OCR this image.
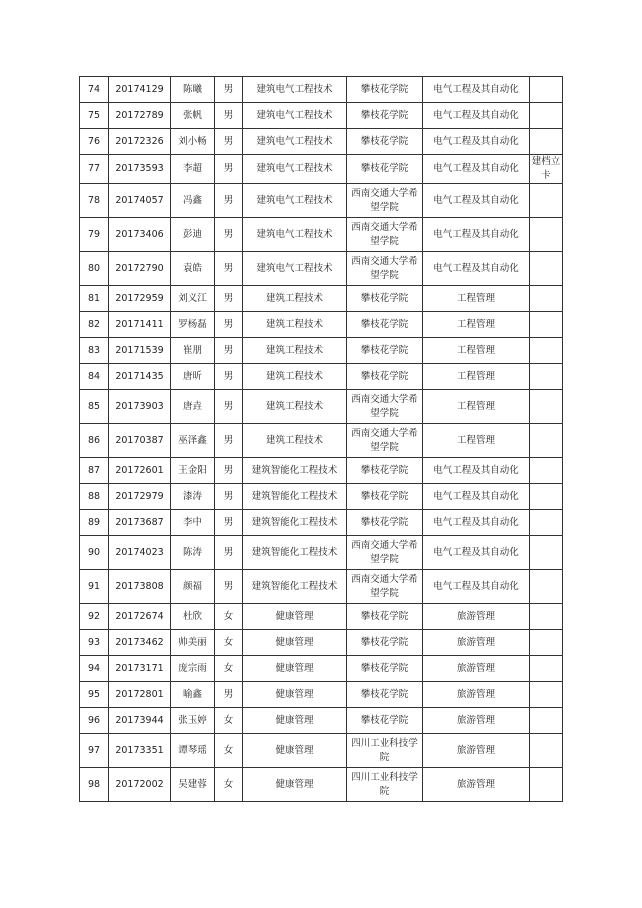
74	20174129	陈曦	男	建筑电气工程技术	攀枝花学院	电气工程及其自动化	
75	20172789	张帆	男	建筑电气工程技术	攀枝花学院	电气工程及其自动化	
76	20172326	刘小畅	男	建筑电气工程技术	攀枝花学院	电气工程及其自动化	
77	20173593	李超	男	建筑电气工程技术	攀枝花学院	电气工程及其自动化	建档立卡
78	20174057	冯鑫	男	建筑电气工程技术	西南交通大学希望学院	电气工程及其自动化	
79	20173406	彭迪	男	建筑电气工程技术	西南交通大学希望学院	电气工程及其自动化	
80	20172790	袁皓	男	建筑电气工程技术	西南交通大学希望学院	电气工程及其自动化	
81	20172959	刘义江	男	建筑工程技术	攀枝花学院	工程管理	
82	20171411	罗杨磊	男	建筑工程技术	攀枝花学院	工程管理	
83	20171539	崔朋	男	建筑工程技术	攀枝花学院	工程管理	
84	20171435	唐昕	男	建筑工程技术	攀枝花学院	工程管理	
85	20173903	唐垚	男	建筑工程技术	西南交通大学希望学院	工程管理	
86	20170387	巫泽鑫	男	建筑工程技术	西南交通大学希望学院	工程管理	
87	20172601	王金阳	男	建筑智能化工程技术	攀枝花学院	电气工程及其自动化	
88	20172979	漆涛	男	建筑智能化工程技术	攀枝花学院	电气工程及其自动化	
89	20173687	李中	男	建筑智能化工程技术	攀枝花学院	电气工程及其自动化	
90	20174023	陈涛	男	建筑智能化工程技术	西南交通大学希望学院	电气工程及其自动化	
91	20173808	颜福	男	建筑智能化工程技术	西南交通大学希望学院	电气工程及其自动化	
92	20172674	杜欣	女	健康管理	攀枝花学院	旅游管理	
93	20173462	帅美丽	女	健康管理	攀枝花学院	旅游管理	
94	20173171	庞宗雨	女	健康管理	攀枝花学院	旅游管理	
95	20172801	喻鑫	男	健康管理	攀枝花学院	旅游管理	
96	20173944	张玉婷	女	健康管理	攀枝花学院	旅游管理	
97	20173351	谭琴瑶	女	健康管理	四川工业科技学院	旅游管理	
98	20172002	吴建蓉	女	健康管理	四川工业科技学院	旅游管理	
